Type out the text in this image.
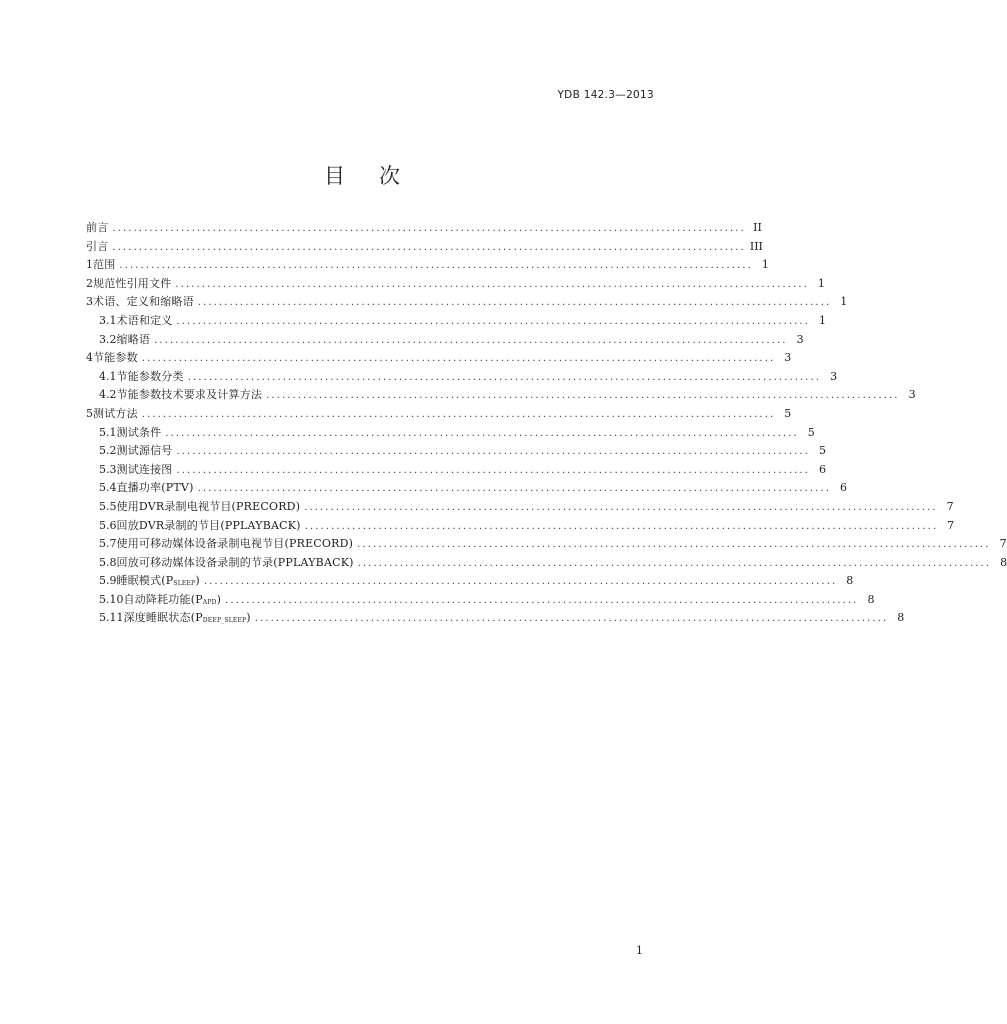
YDB 142.3—2013
目 次
前言 ........................................................................................................................ II
引言 ........................................................................................................................ III
1 范围 ........................................................................................................................ 1
2 规范性引用文件 ........................................................................................................................ 1
3 术语、定义和缩略语 ........................................................................................................................ 1
3.1 术语和定义 ........................................................................................................................ 1
3.2 缩略语 ........................................................................................................................ 3
4 节能参数 ........................................................................................................................ 3
4.1 节能参数分类 ........................................................................................................................ 3
4.2 节能参数技术要求及计算方法 ........................................................................................................................ 3
5 测试方法 ........................................................................................................................ 5
5.1 测试条件 ........................................................................................................................ 5
5.2 测试源信号 ........................................................................................................................ 5
5.3 测试连接图 ........................................................................................................................ 6
5.4 直播功率(PTV) ........................................................................................................................ 6
5.5 使用DVR录制电视节目(PRECORD) ........................................................................................................................ 7
5.6 回放DVR录制的节目(PPLAYBACK) ........................................................................................................................ 7
5.7 使用可移动媒体设备录制电视节目(PRECORD) ........................................................................................................................ 7
5.8 回放可移动媒体设备录制的节录(PPLAYBACK) ........................................................................................................................ 8
5.9 睡眠模式$(P_{SLEEP})$ ........................................................................................................................ 8
5.10 自动降耗功能$(P_{APD})$ ........................................................................................................................ 8
5.11 深度睡眠状态$(P_{DEEP\_SLEEP})$ ........................................................................................................................ 8
1
